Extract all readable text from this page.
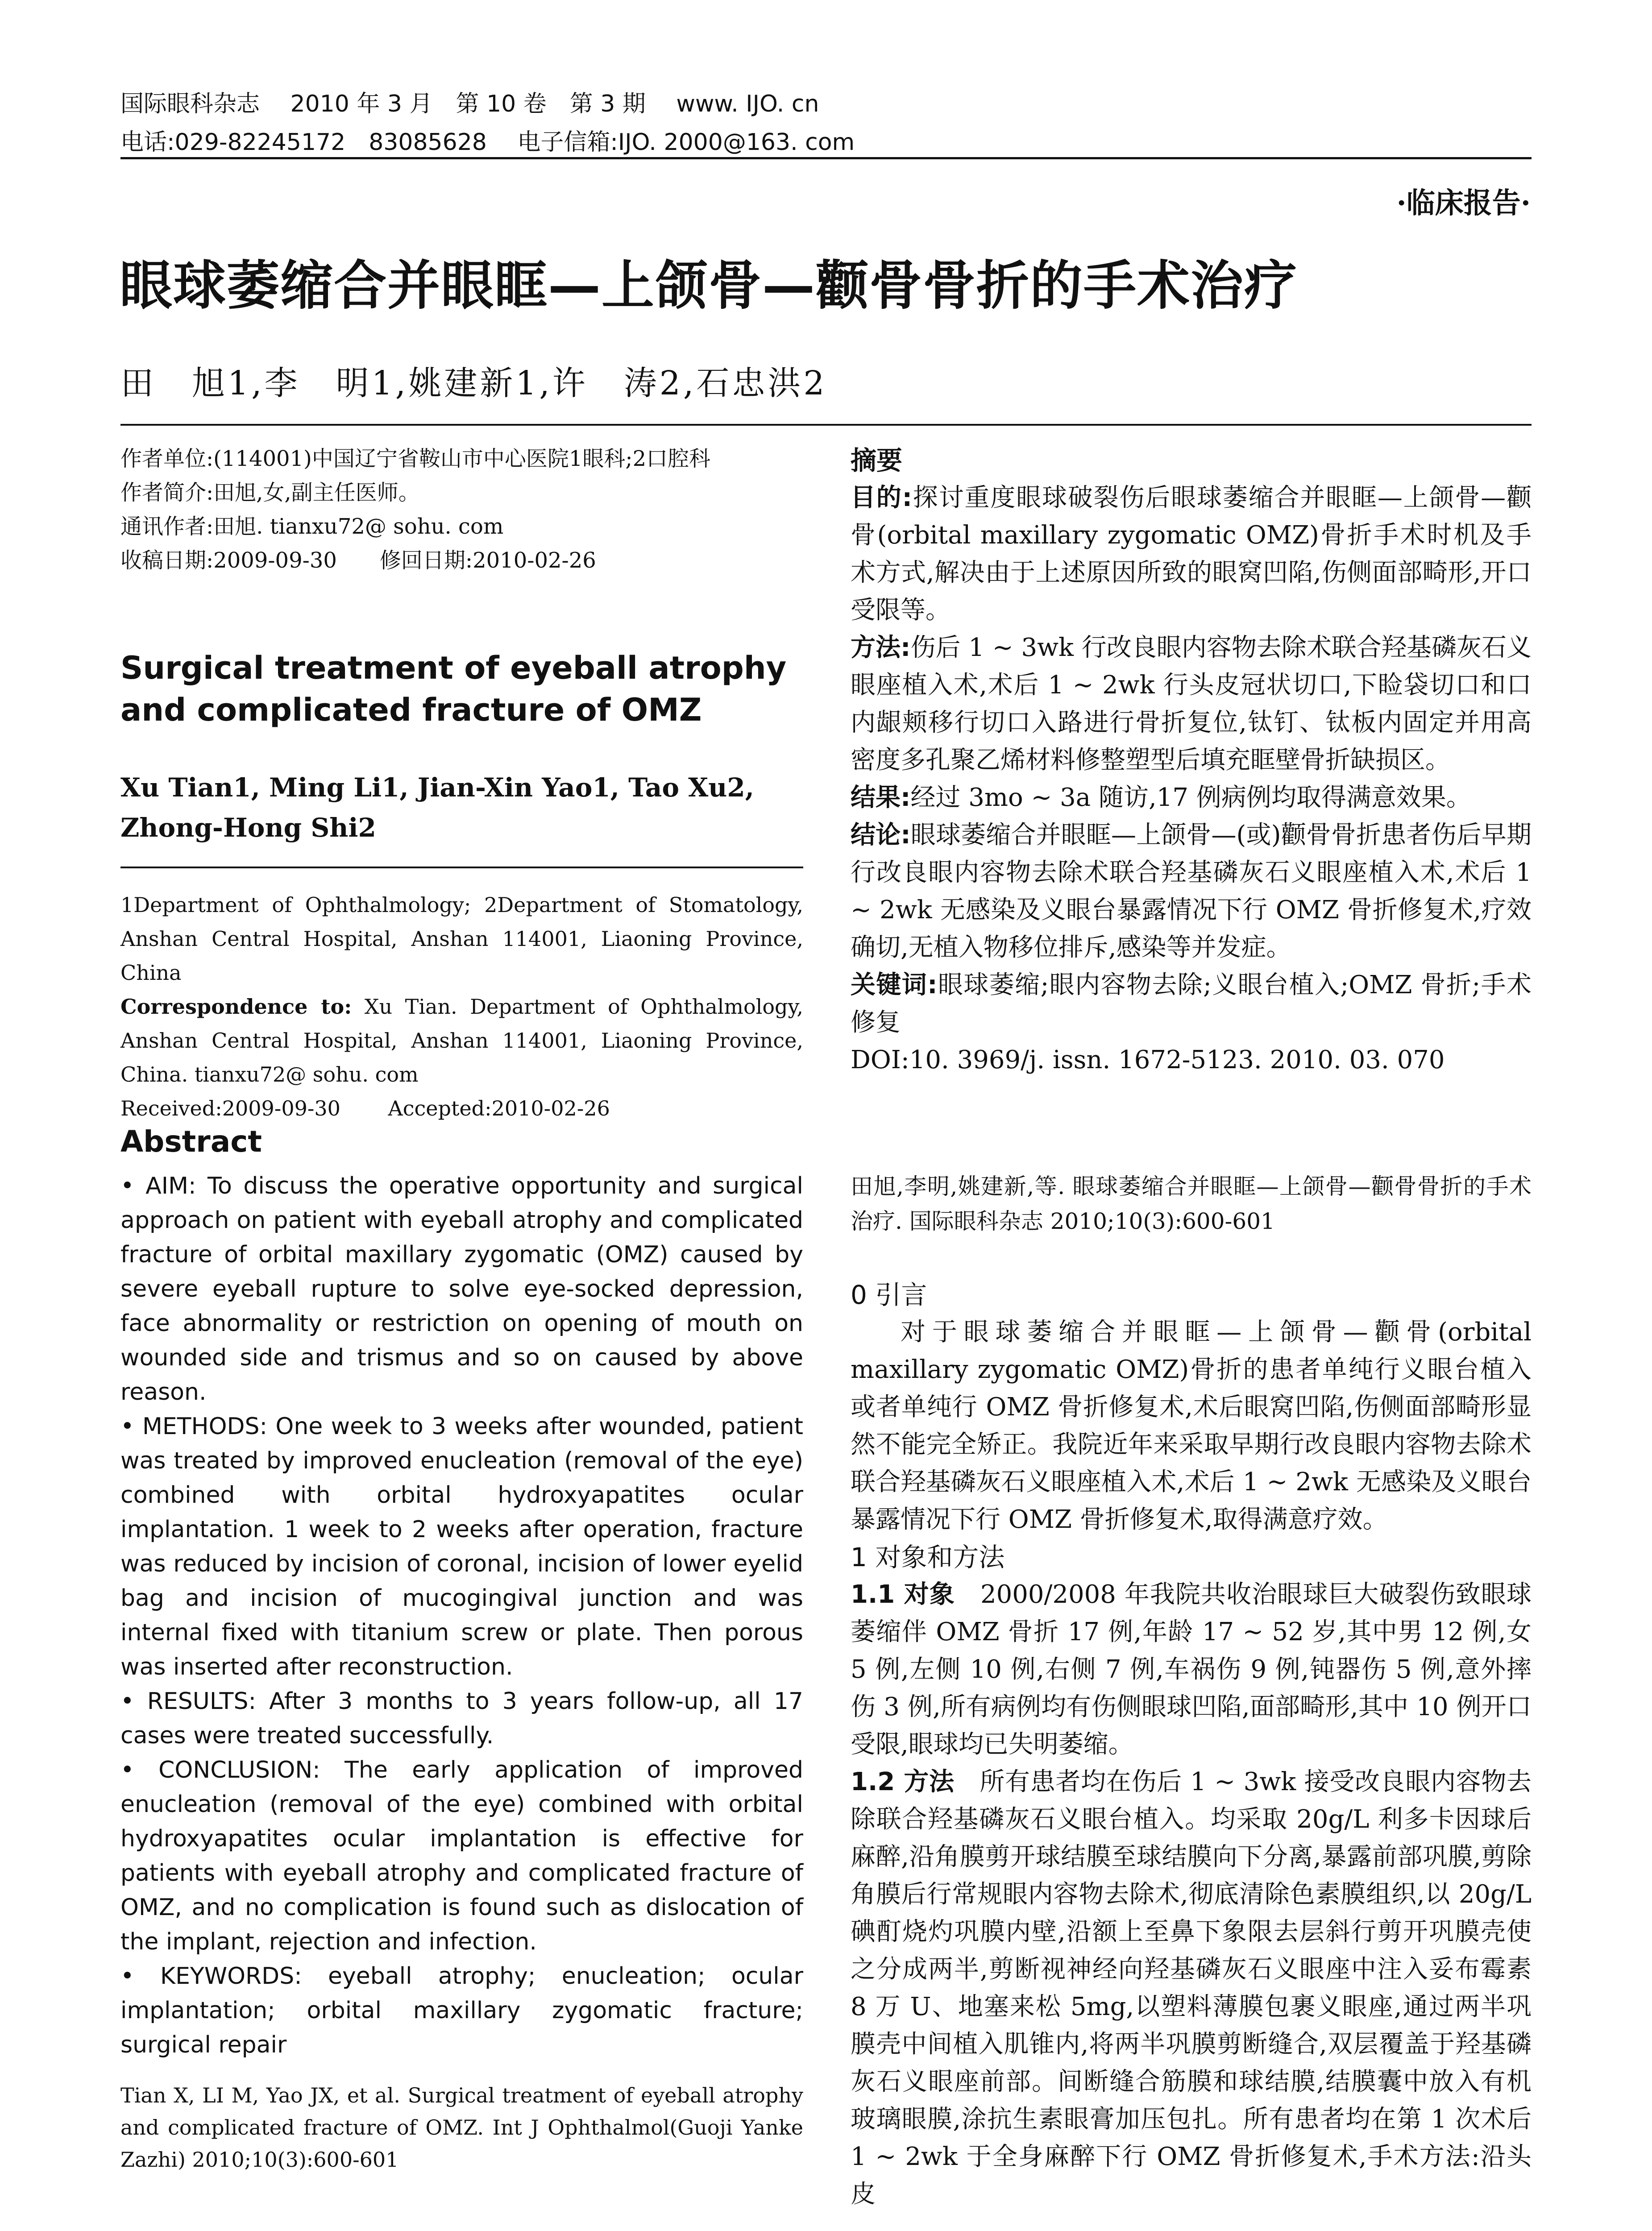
国际眼科杂志　 2010 年 3 月　第 10 卷　第 3 期　 www. IJO. cn
电话:029-82245172　83085628　 电子信箱:IJO. 2000@163. com
·临床报告·
眼球萎缩合并眼眶—上颌骨—颧骨骨折的手术治疗
田　旭1,李　明1,姚建新1,许　涛2,石忠洪2

作者单位:(114001)中国辽宁省鞍山市中心医院1眼科;2口腔科

作者简介:田旭,女,副主任医师。

通讯作者:田旭. tianxu72@ sohu. com

收稿日期:2009-09-30　　修回日期:2010-02-26

Surgical treatment of eyeball atrophy and complicated fracture of OMZ
Xu Tian1, Ming Li1, Jian-Xin Yao1, Tao Xu2, Zhong-Hong Shi2

1Department of Ophthalmology; 2Department of Stomatology, Anshan Central Hospital, Anshan 114001, Liaoning Province, China

Correspondence to: Xu Tian. Department of Ophthalmology, Anshan Central Hospital, Anshan 114001, Liaoning Province, China. tianxu72@ sohu. com

Received:2009-09-30　　 Accepted:2010-02-26

Abstract

• AIM: To discuss the operative opportunity and surgical approach on patient with eyeball atrophy and complicated fracture of orbital maxillary zygomatic (OMZ) caused by severe eyeball rupture to solve eye-socked depression, face abnormality or restriction on opening of mouth on wounded side and trismus and so on caused by above reason.

• METHODS: One week to 3 weeks after wounded, patient was treated by improved enucleation (removal of the eye) combined with orbital hydroxyapatites ocular implantation. 1 week to 2 weeks after operation, fracture was reduced by incision of coronal, incision of lower eyelid bag and incision of mucogingival junction and was internal fixed with titanium screw or plate. Then porous was inserted after reconstruction.

• RESULTS: After 3 months to 3 years follow-up, all 17 cases were treated successfully.

• CONCLUSION: The early application of improved enucleation (removal of the eye) combined with orbital hydroxyapatites ocular implantation is effective for patients with eyeball atrophy and complicated fracture of OMZ, and no complication is found such as dislocation of the implant, rejection and infection.

• KEYWORDS: eyeball atrophy; enucleation; ocular implantation; orbital maxillary zygomatic fracture; surgical repair

Tian X, LI M, Yao JX, et al. Surgical treatment of eyeball atrophy and complicated fracture of OMZ. Int J Ophthalmol(Guoji Yanke Zazhi) 2010;10(3):600-601

摘要

目的:探讨重度眼球破裂伤后眼球萎缩合并眼眶—上颌骨—颧骨(orbital maxillary zygomatic OMZ)骨折手术时机及手术方式,解决由于上述原因所致的眼窝凹陷,伤侧面部畸形,开口受限等。

方法:伤后 1 ~ 3wk 行改良眼内容物去除术联合羟基磷灰石义眼座植入术,术后 1 ~ 2wk 行头皮冠状切口,下睑袋切口和口内龈颊移行切口入路进行骨折复位,钛钉、钛板内固定并用高密度多孔聚乙烯材料修整塑型后填充眶壁骨折缺损区。

结果:经过 3mo ~ 3a 随访,17 例病例均取得满意效果。

结论:眼球萎缩合并眼眶—上颌骨—(或)颧骨骨折患者伤后早期行改良眼内容物去除术联合羟基磷灰石义眼座植入术,术后 1 ~ 2wk 无感染及义眼台暴露情况下行 OMZ 骨折修复术,疗效确切,无植入物移位排斥,感染等并发症。

关键词:眼球萎缩;眼内容物去除;义眼台植入;OMZ 骨折;手术修复

DOI:10. 3969/j. issn. 1672-5123. 2010. 03. 070

田旭,李明,姚建新,等. 眼球萎缩合并眼眶—上颌骨—颧骨骨折的手术治疗. 国际眼科杂志 2010;10(3):600-601

0 引言

对于眼球萎缩合并眼眶—上颌骨—颧骨(orbital maxillary zygomatic OMZ)骨折的患者单纯行义眼台植入或者单纯行 OMZ 骨折修复术,术后眼窝凹陷,伤侧面部畸形显然不能完全矫正。我院近年来采取早期行改良眼内容物去除术联合羟基磷灰石义眼座植入术,术后 1 ~ 2wk 无感染及义眼台暴露情况下行 OMZ 骨折修复术,取得满意疗效。

1 对象和方法

1.1 对象　2000/2008 年我院共收治眼球巨大破裂伤致眼球萎缩伴 OMZ 骨折 17 例,年龄 17 ~ 52 岁,其中男 12 例,女 5 例,左侧 10 例,右侧 7 例,车祸伤 9 例,钝器伤 5 例,意外摔伤 3 例,所有病例均有伤侧眼球凹陷,面部畸形,其中 10 例开口受限,眼球均已失明萎缩。

1.2 方法　所有患者均在伤后 1 ~ 3wk 接受改良眼内容物去除联合羟基磷灰石义眼台植入。均采取 20g/L 利多卡因球后麻醉,沿角膜剪开球结膜至球结膜向下分离,暴露前部巩膜,剪除角膜后行常规眼内容物去除术,彻底清除色素膜组织,以 20g/L 碘酊烧灼巩膜内壁,沿额上至鼻下象限去层斜行剪开巩膜壳使之分成两半,剪断视神经向羟基磷灰石义眼座中注入妥布霉素 8 万 U、地塞来松 5mg,以塑料薄膜包裹义眼座,通过两半巩膜壳中间植入肌锥内,将两半巩膜剪断缝合,双层覆盖于羟基磷灰石义眼座前部。间断缝合筋膜和球结膜,结膜囊中放入有机玻璃眼膜,涂抗生素眼膏加压包扎。所有患者均在第 1 次术后 1 ~ 2wk 于全身麻醉下行 OMZ 骨折修复术,手术方法:沿头皮
